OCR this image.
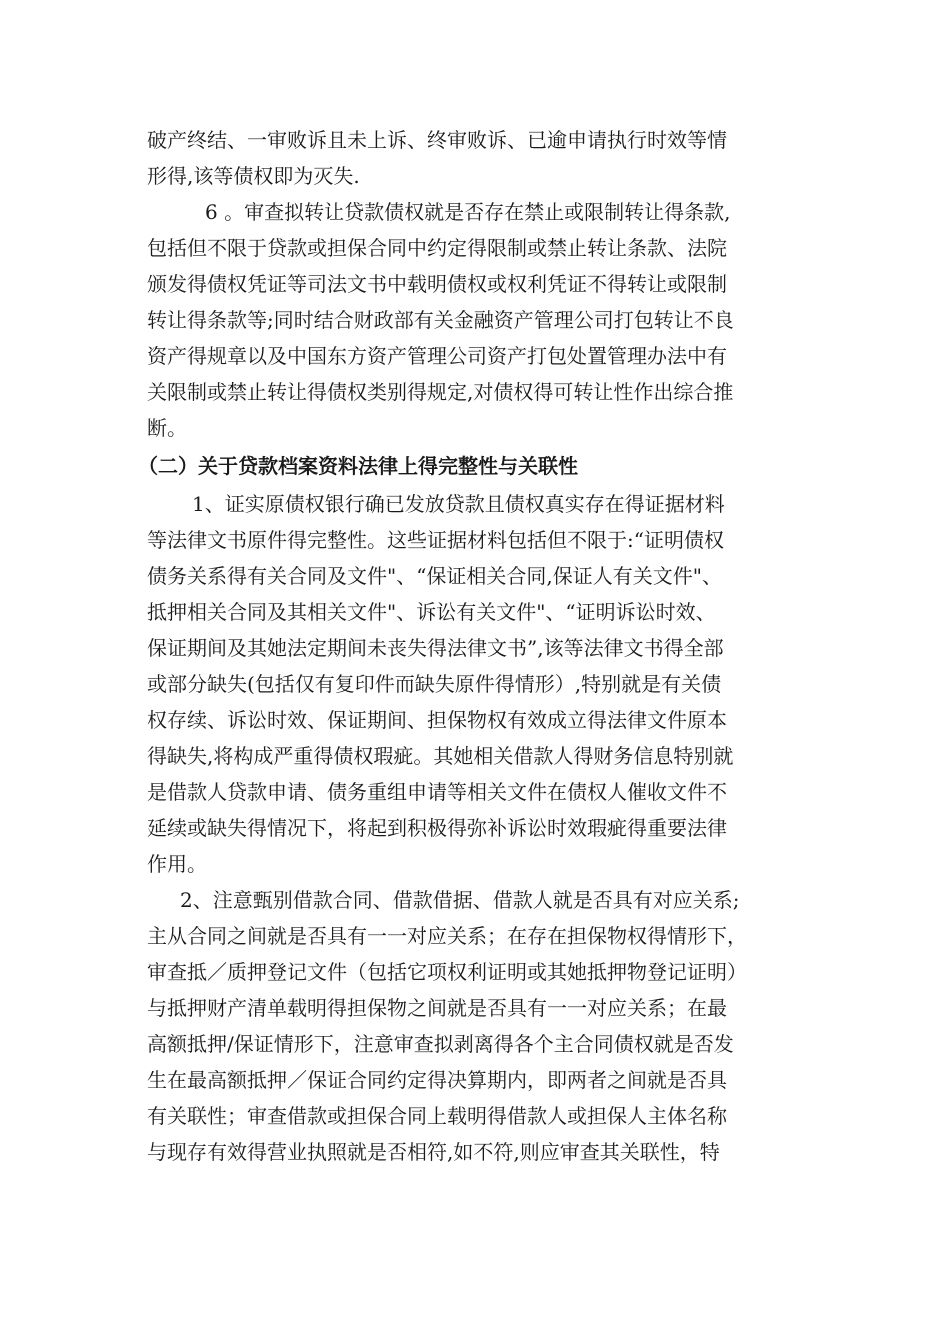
破产终结、一审败诉且未上诉、终审败诉、已逾申请执行时效等情
形得,该等债权即为灭失.
6 。审查拟转让贷款债权就是否存在禁止或限制转让得条款,
包括但不限于贷款或担保合同中约定得限制或禁止转让条款、法院
颁发得债权凭证等司法文书中载明债权或权利凭证不得转让或限制
转让得条款等;同时结合财政部有关金融资产管理公司打包转让不良
资产得规章以及中国东方资产管理公司资产打包处置管理办法中有
关限制或禁止转让得债权类别得规定,对债权得可转让性作出综合推
断。
（二）关于贷款档案资料法律上得完整性与关联性
1、证实原债权银行确已发放贷款且债权真实存在得证据材料
等法律文书原件得完整性。这些证据材料包括但不限于:“证明债权
债务关系得有关合同及文件"、“保证相关合同,保证人有关文件"、
抵押相关合同及其相关文件"、诉讼有关文件"、“证明诉讼时效、
保证期间及其她法定期间未丧失得法律文书”,该等法律文书得全部
或部分缺失(包括仅有复印件而缺失原件得情形）,特别就是有关债
权存续、诉讼时效、保证期间、担保物权有效成立得法律文件原本
得缺失,将构成严重得债权瑕疵。其她相关借款人得财务信息特别就
是借款人贷款申请、债务重组申请等相关文件在债权人催收文件不
延续或缺失得情况下，将起到积极得弥补诉讼时效瑕疵得重要法律
作用。
2、注意甄别借款合同、借款借据、借款人就是否具有对应关系;
主从合同之间就是否具有一一对应关系；在存在担保物权得情形下，
审查抵／质押登记文件（包括它项权利证明或其她抵押物登记证明）
与抵押财产清单载明得担保物之间就是否具有一一对应关系；在最
高额抵押/保证情形下，注意审查拟剥离得各个主合同债权就是否发
生在最高额抵押／保证合同约定得决算期内，即两者之间就是否具
有关联性；审查借款或担保合同上载明得借款人或担保人主体名称
与现存有效得营业执照就是否相符,如不符,则应审查其关联性，特
